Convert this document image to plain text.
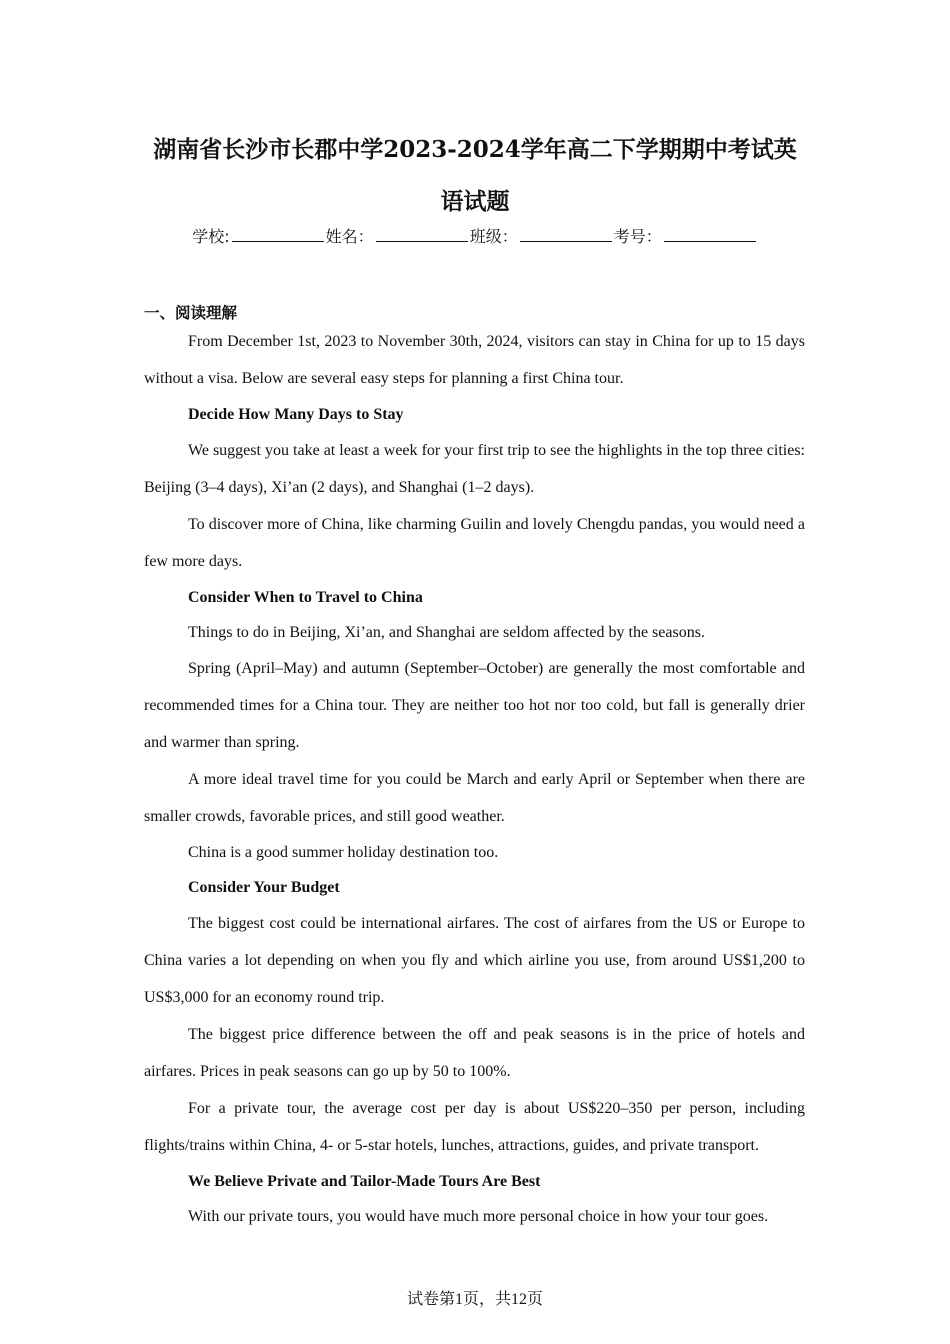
湖南省长沙市长郡中学2023-2024学年高二下学期期中考试英
语试题
学校:	姓名：	班级：	考号：
一、阅读理解

From December 1st, 2023 to November 30th, 2024, visitors can stay in China for up to 15 days without a visa. Below are several easy steps for planning a first China tour.

Decide How Many Days to Stay

We suggest you take at least a week for your first trip to see the highlights in the top three cities: Beijing (3–4 days), Xi’an (2 days), and Shanghai (1–2 days).

To discover more of China, like charming Guilin and lovely Chengdu pandas, you would need a few more days.

Consider When to Travel to China

Things to do in Beijing, Xi’an, and Shanghai are seldom affected by the seasons.

Spring (April–May) and autumn (September–October) are generally the most comfortable and recommended times for a China tour. They are neither too hot nor too cold, but fall is generally drier and warmer than spring.

A more ideal travel time for you could be March and early April or September when there are smaller crowds, favorable prices, and still good weather.

China is a good summer holiday destination too.

Consider Your Budget

The biggest cost could be international airfares. The cost of airfares from the US or Europe to China varies a lot depending on when you fly and which airline you use, from around US$1,200 to US$3,000 for an economy round trip.

The biggest price difference between the off and peak seasons is in the price of hotels and airfares. Prices in peak seasons can go up by 50 to 100%.

For a private tour, the average cost per day is about US$220–350 per person, including flights/trains within China, 4- or 5-star hotels, lunches, attractions, guides, and private transport.

We Believe Private and Tailor-Made Tours Are Best

With our private tours, you would have much more personal choice in how your tour goes.

试卷第1页，共12页
